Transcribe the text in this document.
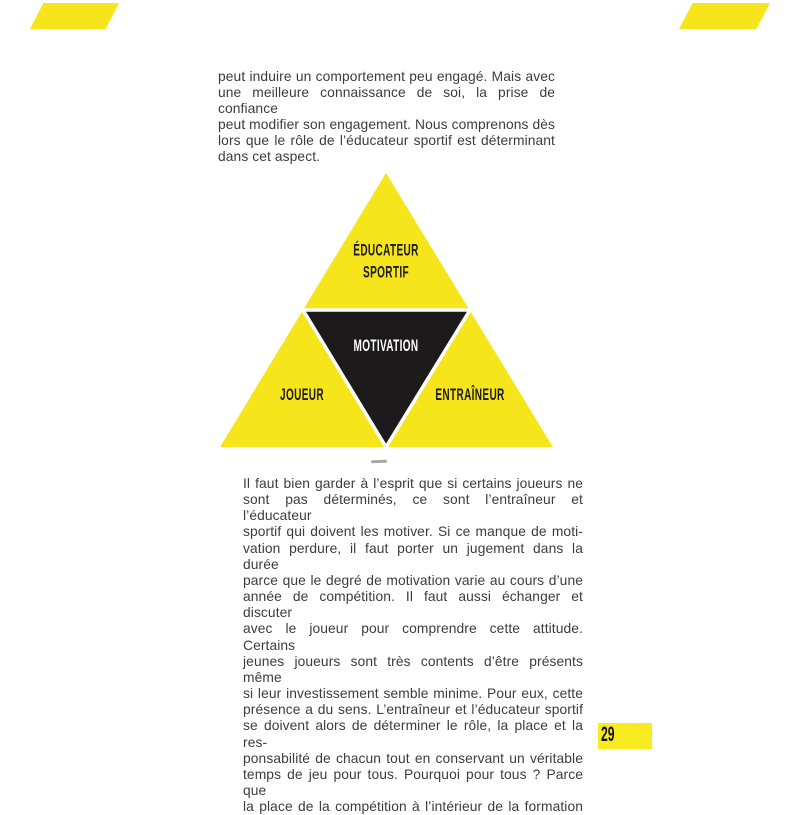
peut induire un comportement peu engagé. Mais avec
une meilleure connaissance de soi, la prise de confiance
peut modifier son engagement. Nous comprenons dès
lors que le rôle de l’éducateur sportif est déterminant
dans cet aspect.
ÉDUCATEUR
SPORTIF
MOTIVATION
JOUEUR	ENTRAÎNEUR
Il faut bien garder à l’esprit que si certains joueurs ne
sont pas déterminés, ce sont l’entraîneur et l’éducateur
sportif qui doivent les motiver. Si ce manque de moti-
vation perdure, il faut porter un jugement dans la durée
parce que le degré de motivation varie au cours d’une
année de compétition. Il faut aussi échanger et discuter
avec le joueur pour comprendre cette attitude. Certains
jeunes joueurs sont très contents d’être présents même
si leur investissement semble minime. Pour eux, cette
présence a du sens. L’entraîneur et l’éducateur sportif
se doivent alors de déterminer le rôle, la place et la res-
ponsabilité de chacun tout en conservant un véritable
temps de jeu pour tous. Pourquoi pour tous ? Parce que
la place de la compétition à l’intérieur de la formation
29
